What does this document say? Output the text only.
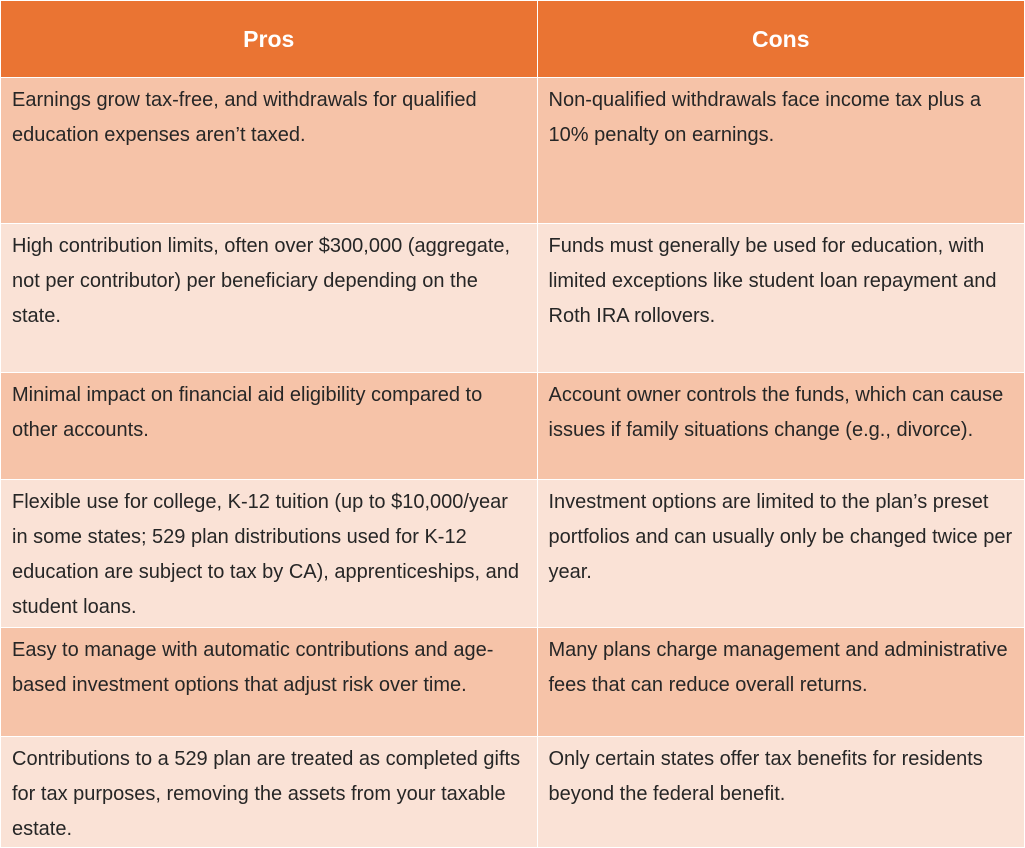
Pros	Cons
Earnings grow tax-free, and withdrawals for qualified education expenses aren’t taxed.	Non-qualified withdrawals face income tax plus a 10% penalty on earnings.
High contribution limits, often over $300,000 (aggregate, not per contributor) per beneficiary depending on the state.	Funds must generally be used for education, with limited exceptions like student loan repayment and Roth IRA rollovers.
Minimal impact on financial aid eligibility compared to other accounts.	Account owner controls the funds, which can cause issues if family situations change (e.g., divorce).
Flexible use for college, K-12 tuition (up to $10,000/year in some states; 529 plan distributions used for K-12 education are subject to tax by CA), apprenticeships, and student loans.	Investment options are limited to the plan’s preset portfolios and can usually only be changed twice per year.
Easy to manage with automatic contributions and age-based investment options that adjust risk over time.	Many plans charge management and administrative fees that can reduce overall returns.
Contributions to a 529 plan are treated as completed gifts for tax purposes, removing the assets from your taxable estate.	Only certain states offer tax benefits for residents beyond the federal benefit.
